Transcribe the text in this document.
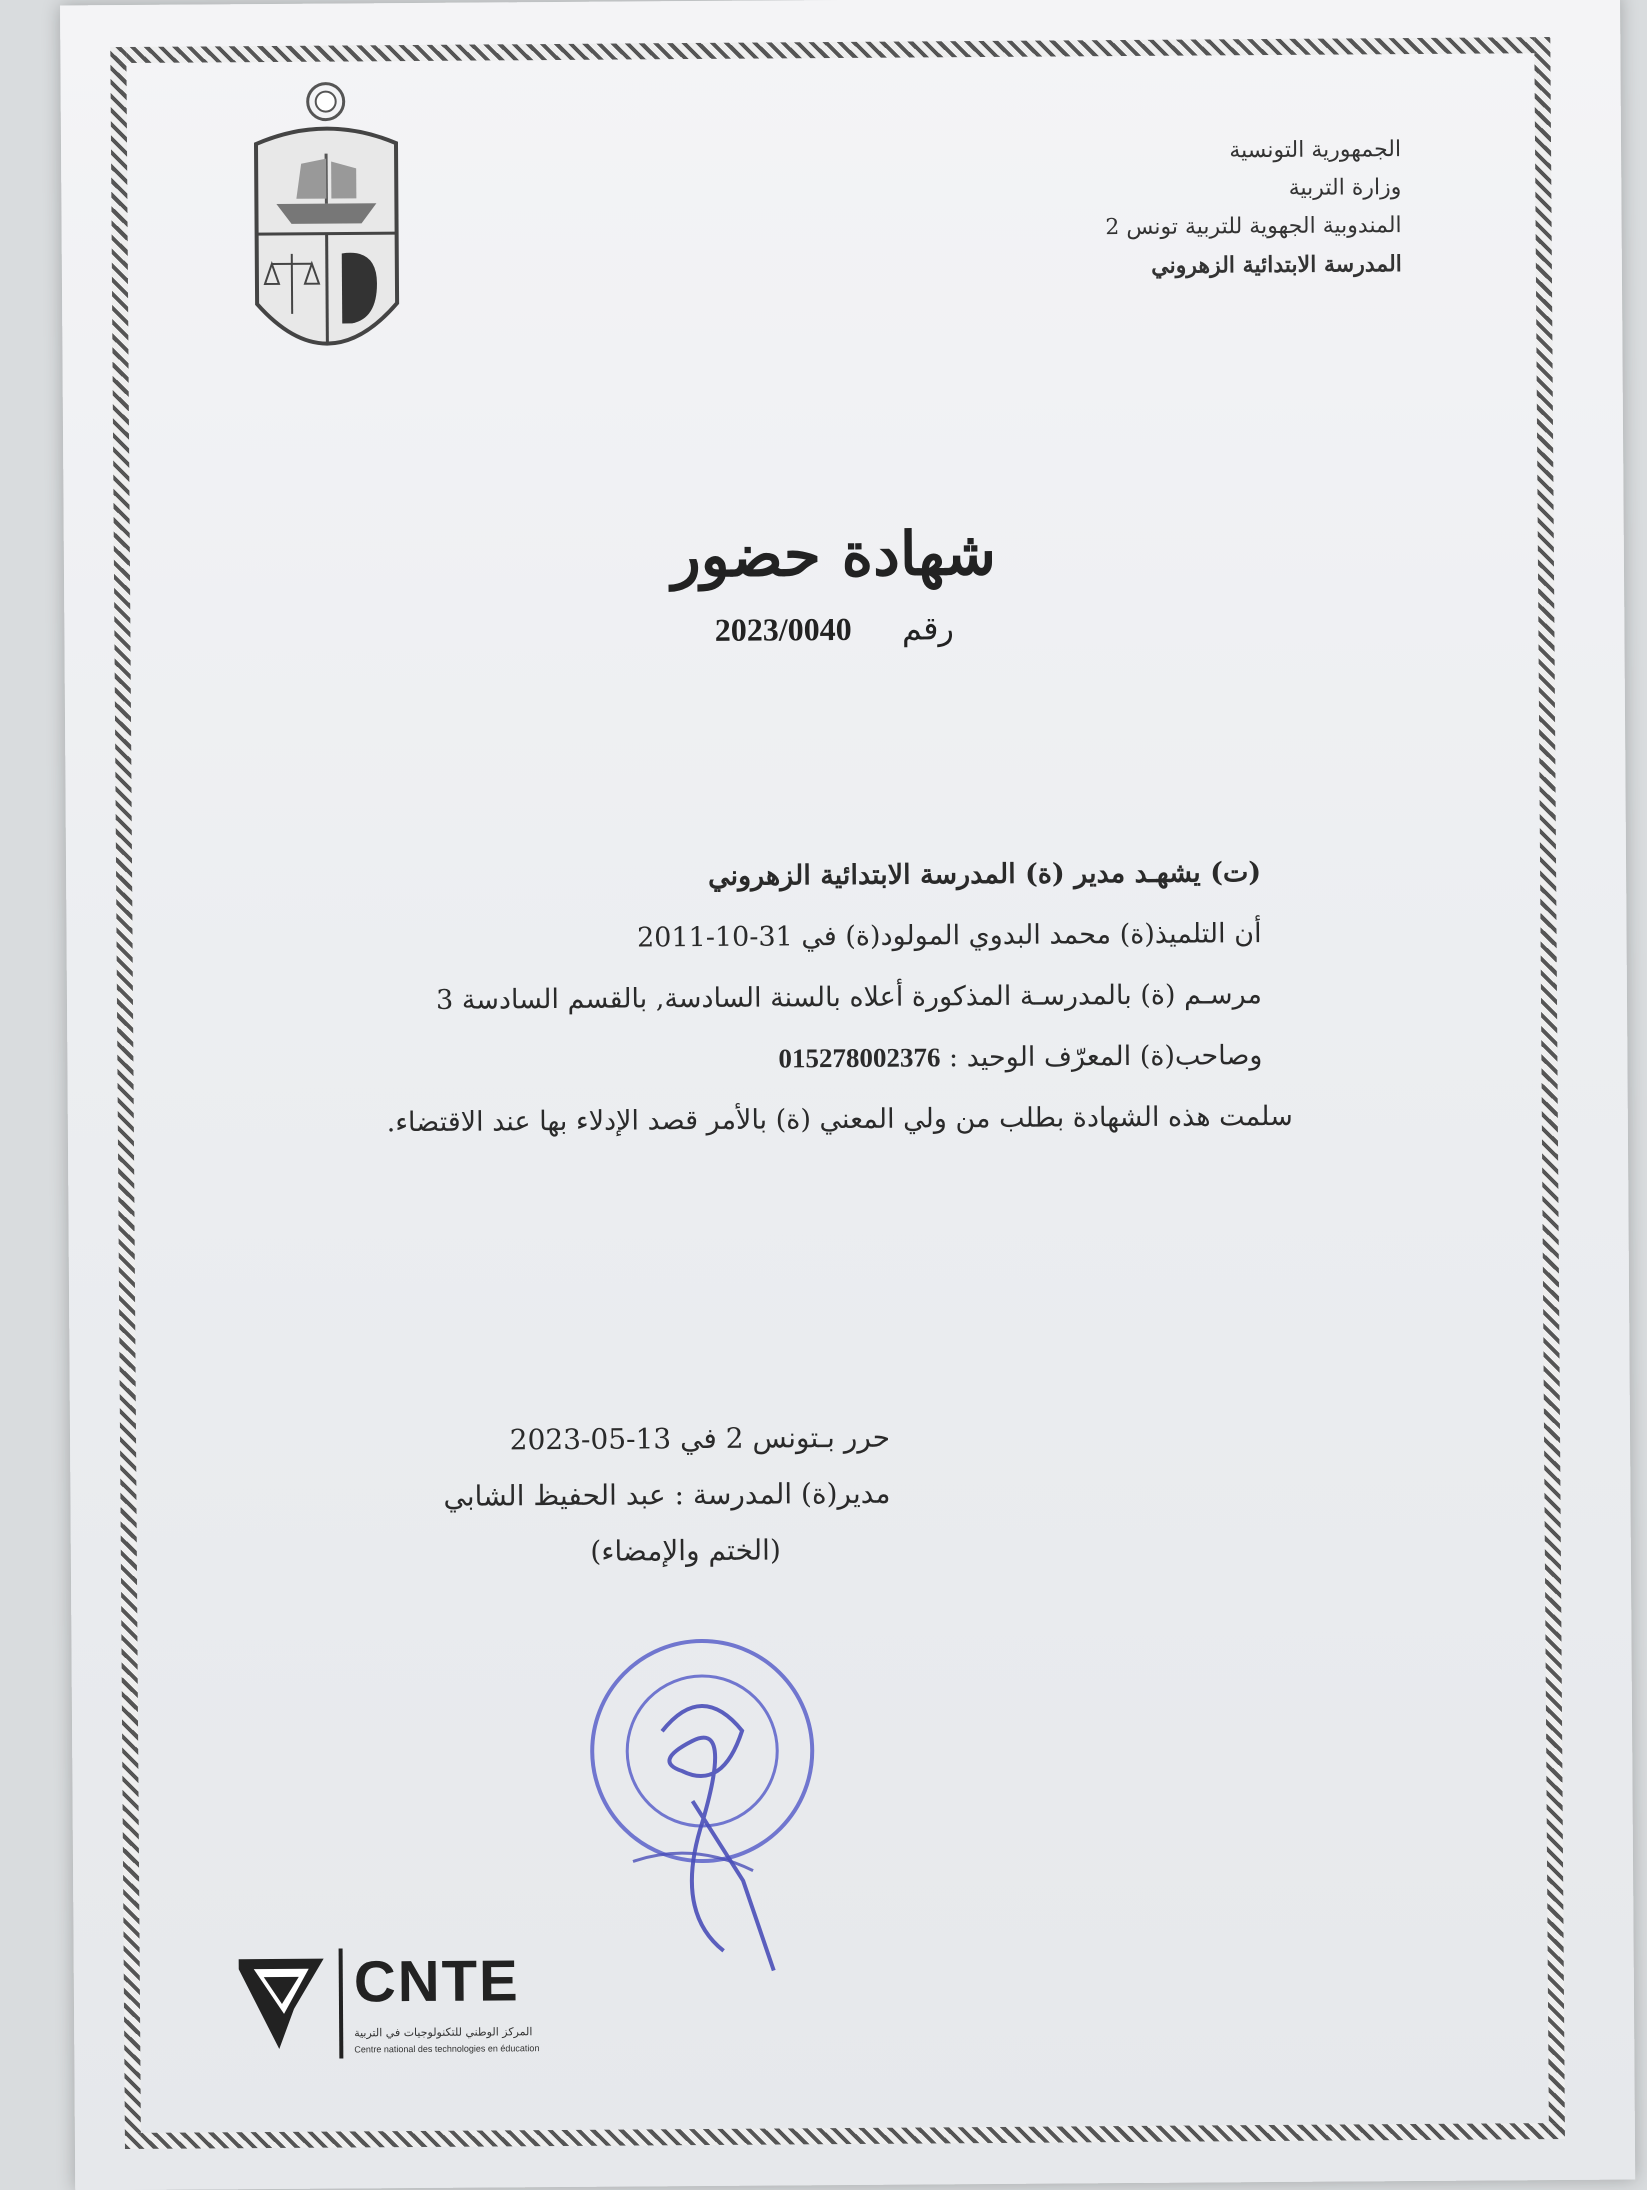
الجمهورية التونسية
وزارة التربية
المندوبية الجهوية للتربية تونس 2
المدرسة الابتدائية الزهروني
شهادة حضور
رقم 2023/0040
(ت) يشهـد مدير (ة) المدرسة الابتدائية الزهروني
أن التلميذ(ة) محمد البدوي المولود(ة) في 31-10-2011
مرسـم (ة) بالمدرسـة المذكورة أعلاه بالسنة السادسة, بالقسم السادسة 3
وصاحب(ة) المعرّف الوحيد : 015278002376
سلمت هذه الشهادة بطلب من ولي المعني (ة) بالأمر قصد الإدلاء بها عند الاقتضاء.
حرر بـتونس 2 في 13-05-2023
مدير(ة) المدرسة : عبد الحفيظ الشابي
(الختم والإمضاء)
CNTE
المركز الوطني للتكنولوجيات في التربية
Centre national des technologies en éducation
